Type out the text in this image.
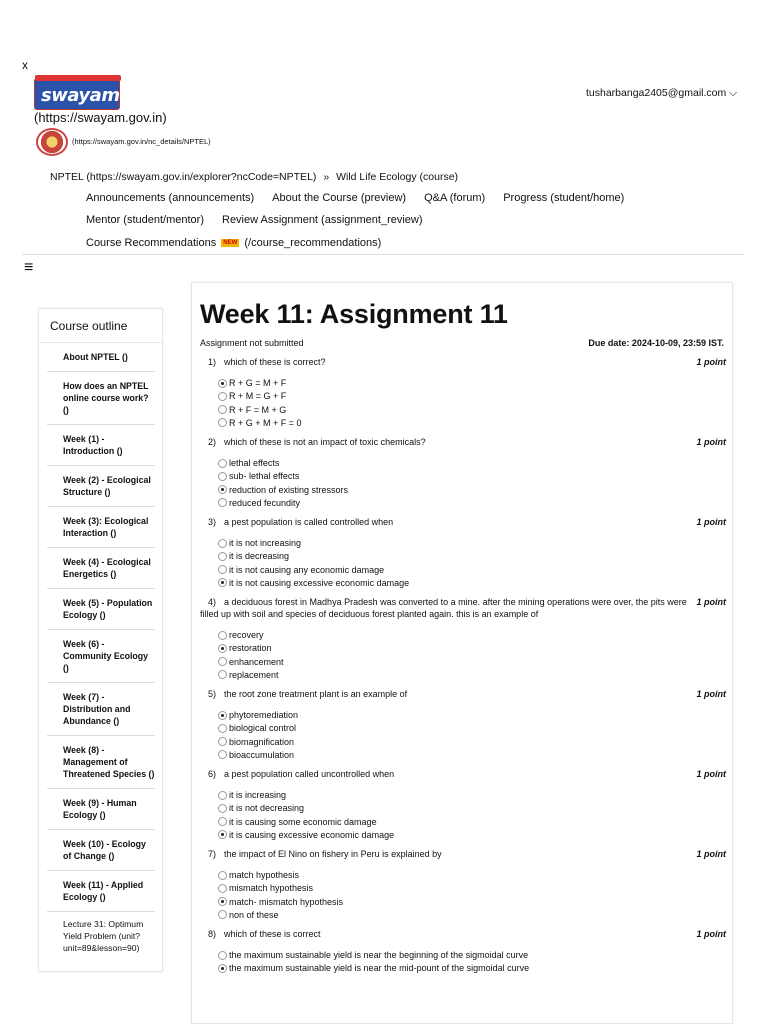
x
swayam
(https://swayam.gov.in)
tusharbanga2405@gmail.com ⌵
(https://swayam.gov.in/nc_details/NPTEL)
NPTEL (https://swayam.gov.in/explorer?ncCode=NPTEL) » Wild Life Ecology (course)
Announcements (announcements) About the Course (preview) Q&A (forum) Progress (student/home)
Mentor (student/mentor) Review Assignment (assignment_review)
Course Recommendations NEW (/course_recommendations)
≡
Course outline
About NPTEL ()
How does an NPTEL online course work? ()
Week (1) - Introduction ()
Week (2) - Ecological Structure ()
Week (3): Ecological Interaction ()
Week (4) - Ecological Energetics ()
Week (5) - Population Ecology ()
Week (6) - Community Ecology ()
Week (7) - Distribution and Abundance ()
Week (8) - Management of Threatened Species ()
Week (9) - Human Ecology ()
Week (10) - Ecology of Change ()
Week (11) - Applied Ecology ()
Lecture 31: Optimum Yield Problem (unit?unit=89&lesson=90)
Week 11: Assignment 11
Assignment not submitted	Due date: 2024-10-09, 23:59 IST.
1) which of these is correct?	1 point
R + G = M + F
R + M = G + F
R + F = M + G
R + G + M + F = 0
2) which of these is not an impact of toxic chemicals?	1 point
lethal effects
sub- lethal effects
reduction of existing stressors
reduced fecundity
3) a pest population is called controlled when	1 point
it is not increasing
it is decreasing
it is not causing any economic damage
it is not causing excessive economic damage
4) a deciduous forest in Madhya Pradesh was converted to a mine. after the mining operations were over, the pits were filled up with soil and species of deciduous forest planted again. this is an example of
1 point
recovery
restoration
enhancement
replacement
5) the root zone treatment plant is an example of	1 point
phytoremediation
biological control
biomagnification
bioaccumulation
6) a pest population called uncontrolled when	1 point
it is increasing
it is not decreasing
it is causing some economic damage
it is causing excessive economic damage
7) the impact of El Nino on fishery in Peru is explained by	1 point
match hypothesis
mismatch hypothesis
match- mismatch hypothesis
non of these
8) which of these is correct	1 point
the maximum sustainable yield is near the beginning of the sigmoidal curve
the maximum sustainable yield is near the mid-pount of the sigmoidal curve
